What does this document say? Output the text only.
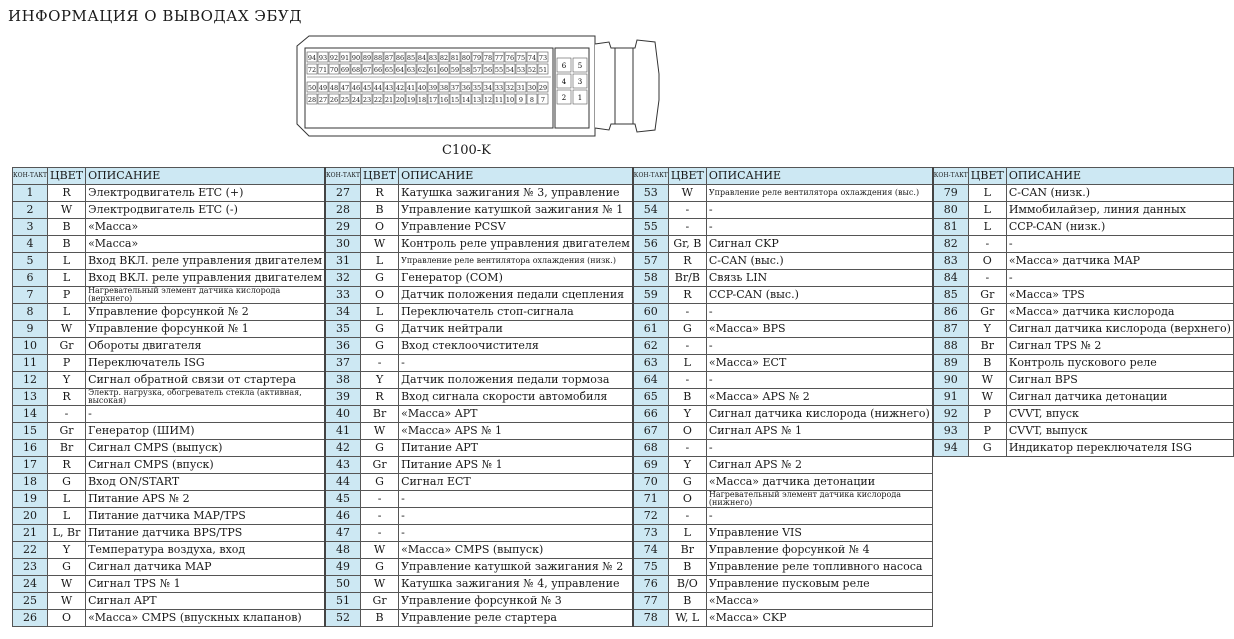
ИНФОРМАЦИЯ О ВЫВОДАХ ЭБУД
94 93 92 91 90 89 88 87 86 85 84 83 82 81 80 79 78 77 76 75 74 73
72 71 70 69 68 67 66 65 64 63 62 61 60 59 58 57 56 55 54 53 52 51
50 49 48 47 46 45 44 43 42 41 40 39 38 37 36 35 34 33 32 31 30 29
28 27 26 25 24 23 22 21 20 19 18 17 16 15 14 13 12 11 10 9 8 7
6
4
2
5
3
1
C100-K
КОН-ТАКТ	ЦВЕТ	ОПИСАНИЕ	КОН-ТАКТ	ЦВЕТ	ОПИСАНИЕ	КОН-ТАКТ	ЦВЕТ	ОПИСАНИЕ	КОН-ТАКТ	ЦВЕТ	ОПИСАНИЕ
1	R	Электродвигатель ETC (+)	27	R	Катушка зажигания № 3, управление	53	W	Управление реле вентилятора охлаждения (выс.)	79	L	C-CAN (низк.)
2	W	Электродвигатель ETC (-)	28	B	Управление катушкой зажигания № 1	54	-	-	80	L	Иммобилайзер, линия данных
3	B	«Масса»	29	O	Управление PCSV	55	-	-	81	L	CCP-CAN (низк.)
4	B	«Масса»	30	W	Контроль реле управления двигателем	56	Gr, B	Сигнал CKP	82	-	-
5	L	Вход ВКЛ. реле управления двигателем	31	L	Управление реле вентилятора охлаждения (низк.)	57	R	C-CAN (выс.)	83	O	«Масса» датчика MAP
6	L	Вход ВКЛ. реле управления двигателем	32	G	Генератор (COM)	58	Br/B	Связь LIN	84	-	-
7	P	Нагревательный элемент датчика кислорода (верхнего)	33	O	Датчик положения педали сцепления	59	R	CCP-CAN (выс.)	85	Gr	«Масса» TPS
8	L	Управление форсункой № 2	34	L	Переключатель стоп-сигнала	60	-	-	86	Gr	«Масса» датчика кислорода
9	W	Управление форсункой № 1	35	G	Датчик нейтрали	61	G	«Масса» BPS	87	Y	Сигнал датчика кислорода (верхнего)
10	Gr	Обороты двигателя	36	G	Вход стеклоочистителя	62	-	-	88	Br	Сигнал TPS № 2
11	P	Переключатель ISG	37	-	-	63	L	«Масса» ECT	89	B	Контроль пускового реле
12	Y	Сигнал обратной связи от стартера	38	Y	Датчик положения педали тормоза	64	-	-	90	W	Сигнал BPS
13	R	Электр. нагрузка, обогреватель стекла (активная, высокая)	39	R	Вход сигнала скорости автомобиля	65	B	«Масса» APS № 2	91	W	Сигнал датчика детонации
14	-	-	40	Br	«Масса» APT	66	Y	Сигнал датчика кислорода (нижнего)	92	P	CVVT, впуск
15	Gr	Генератор (ШИМ)	41	W	«Масса» APS № 1	67	O	Сигнал APS № 1	93	P	CVVT, выпуск
16	Br	Сигнал CMPS (выпуск)	42	G	Питание APT	68	-	-	94	G	Индикатор переключателя ISG
17	R	Сигнал CMPS (впуск)	43	Gr	Питание APS № 1	69	Y	Сигнал APS № 2			
18	G	Вход ON/START	44	G	Сигнал ECT	70	G	«Масса» датчика детонации			
19	L	Питание APS № 2	45	-	-	71	O	Нагревательный элемент датчика кислорода (нижнего)			
20	L	Питание датчика MAP/TPS	46	-	-	72	-	-			
21	L, Br	Питание датчика BPS/TPS	47	-	-	73	L	Управление VIS			
22	Y	Температура воздуха, вход	48	W	«Масса» CMPS (выпуск)	74	Br	Управление форсункой № 4			
23	G	Сигнал датчика MAP	49	G	Управление катушкой зажигания № 2	75	B	Управление реле топливного насоса			
24	W	Сигнал TPS № 1	50	W	Катушка зажигания № 4, управление	76	B/O	Управление пусковым реле			
25	W	Сигнал APT	51	Gr	Управление форсункой № 3	77	B	«Масса»			
26	O	«Масса» CMPS (впускных клапанов)	52	B	Управление реле стартера	78	W, L	«Масса» CKP			
